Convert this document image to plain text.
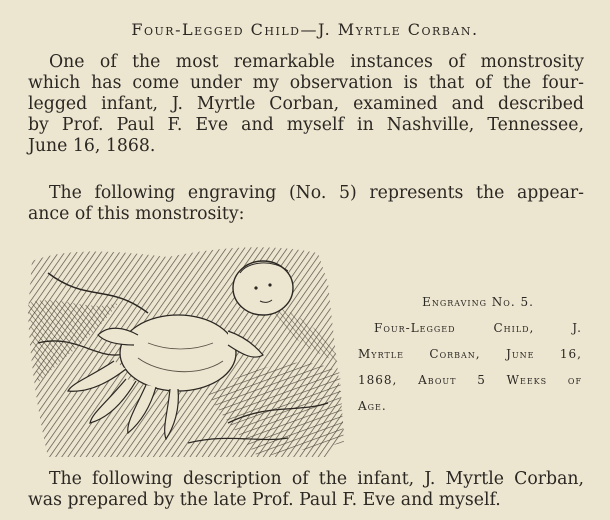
Four-Legged Child—J. Myrtle Corban.
One of the most remarkable instances of monstrosity
which has come under my observation is that of the four-
legged infant, J. Myrtle Corban, examined and described
by Prof. Paul F. Eve and myself in Nashville, Tennessee,
June 16, 1868.
The following engraving (No. 5) represents the appear-
ance of this monstrosity:
Engraving No. 5.
Four-Legged Child, J.
Myrtle Corban, June 16,
1868, About 5 Weeks of
Age.
The following description of the infant, J. Myrtle Corban,
was prepared by the late Prof. Paul F. Eve and myself.
